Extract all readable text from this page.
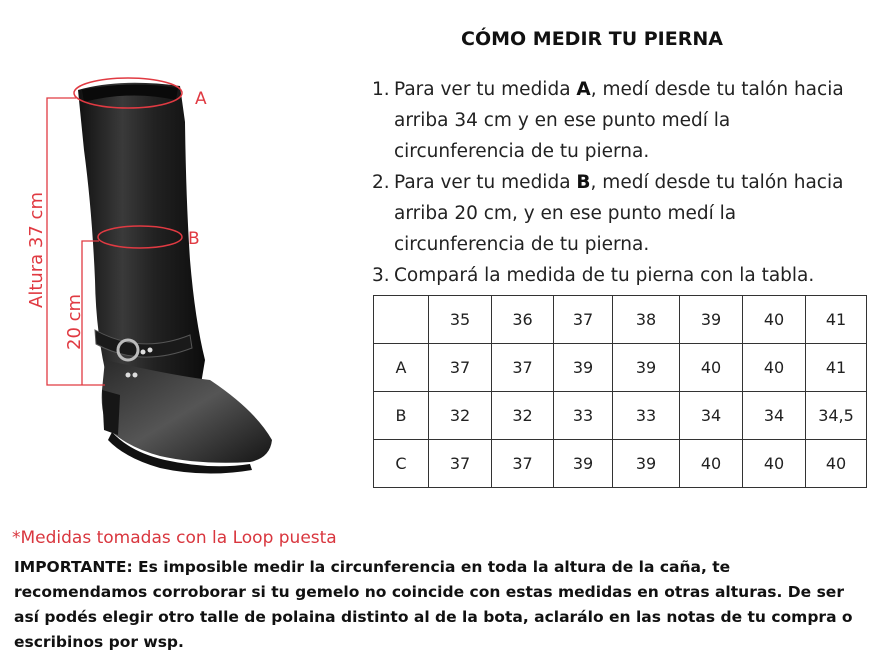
A
B
Altura 37 cm
20 cm
CÓMO MEDIR TU PIERNA
1. Para ver tu medida A, medí desde tu talón hacia arriba 34 cm y en ese punto medí la circunferencia de tu pierna.
2. Para ver tu medida B, medí desde tu talón hacia arriba 20 cm, y en ese punto medí la circunferencia de tu pierna.
3. Compará la medida de tu pierna con la tabla.
	35	36	37	38	39	40	41
A	37	37	39	39	40	40	41
B	32	32	33	33	34	34	34,5
C	37	37	39	39	40	40	40
*Medidas tomadas con la Loop puesta
IMPORTANTE: Es imposible medir la circunferencia en toda la altura de la caña, te recomendamos corroborar si tu gemelo no coincide con estas medidas en otras alturas. De ser así podés elegir otro talle de polaina distinto al de la bota, aclarálo en las notas de tu compra o escribinos por wsp.
